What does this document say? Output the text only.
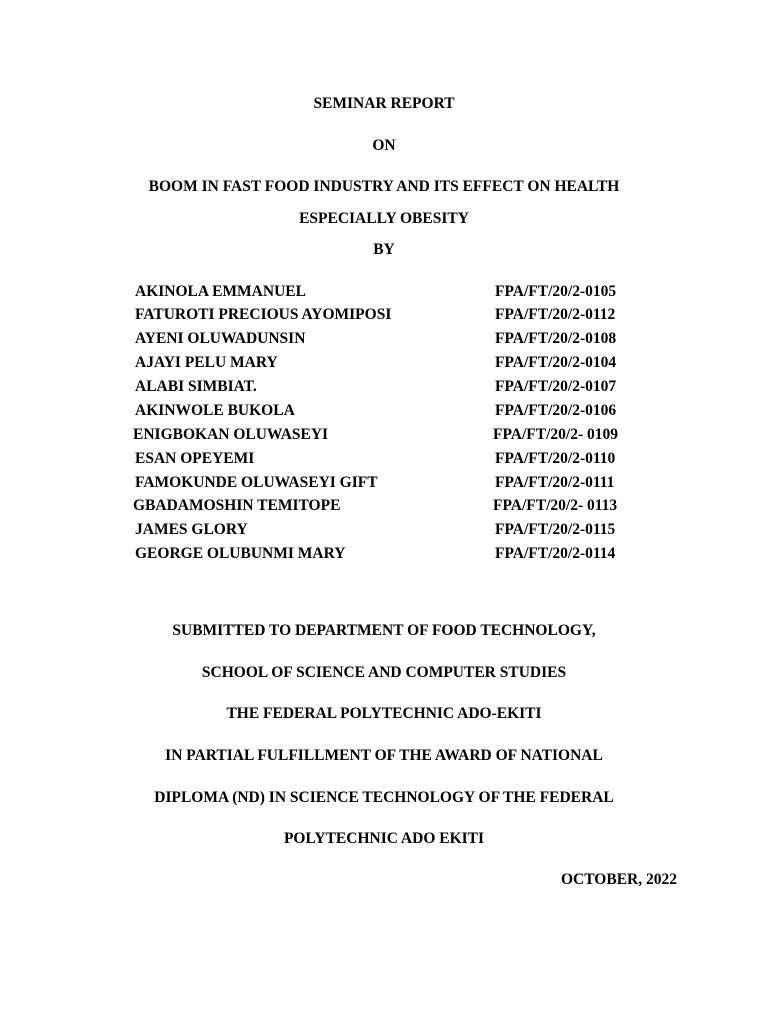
SEMINAR REPORT
ON
BOOM IN FAST FOOD INDUSTRY AND ITS EFFECT ON HEALTH
ESPECIALLY OBESITY
BY
AKINOLA EMMANUEL	FPA/FT/20/2-0105
FATUROTI PRECIOUS AYOMIPOSI	FPA/FT/20/2-0112
AYENI OLUWADUNSIN	FPA/FT/20/2-0108
AJAYI PELU MARY	FPA/FT/20/2-0104
ALABI SIMBIAT.	FPA/FT/20/2-0107
AKINWOLE BUKOLA	FPA/FT/20/2-0106
ENIGBOKAN OLUWASEYI	FPA/FT/20/2- 0109
ESAN OPEYEMI	FPA/FT/20/2-0110
FAMOKUNDE OLUWASEYI GIFT	FPA/FT/20/2-0111
GBADAMOSHIN TEMITOPE	FPA/FT/20/2- 0113
JAMES GLORY	FPA/FT/20/2-0115
GEORGE OLUBUNMI MARY	FPA/FT/20/2-0114
SUBMITTED TO DEPARTMENT OF FOOD TECHNOLOGY,
SCHOOL OF SCIENCE AND COMPUTER STUDIES
THE FEDERAL POLYTECHNIC ADO-EKITI
IN PARTIAL FULFILLMENT OF THE AWARD OF NATIONAL
DIPLOMA (ND) IN SCIENCE TECHNOLOGY OF THE FEDERAL
POLYTECHNIC ADO EKITI
OCTOBER, 2022
